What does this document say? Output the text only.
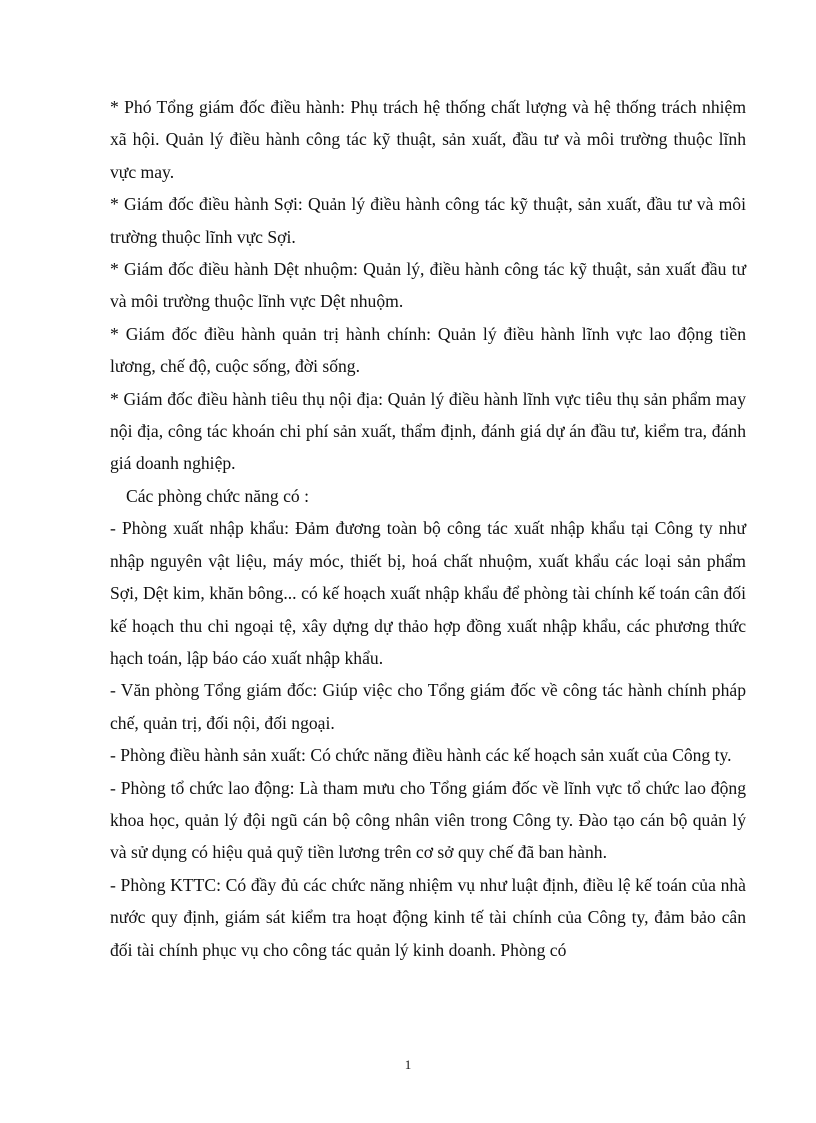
* Phó Tổng giám đốc điều hành: Phụ trách hệ thống chất lượng và hệ thống trách nhiệm xã hội. Quản lý điều hành công tác kỹ thuật, sản xuất, đầu tư và môi trường thuộc lĩnh vực may.

* Giám đốc điều hành Sợi: Quản lý điều hành công tác kỹ thuật, sản xuất, đầu tư và môi trường thuộc lĩnh vực Sợi.

* Giám đốc điều hành Dệt nhuộm: Quản lý, điều hành công tác kỹ thuật, sản xuất đầu tư và môi trường thuộc lĩnh vực Dệt nhuộm.

* Giám đốc điều hành quản trị hành chính: Quản lý điều hành lĩnh vực lao động tiền lương, chế độ, cuộc sống, đời sống.

* Giám đốc điều hành tiêu thụ nội địa: Quản lý điều hành lĩnh vực tiêu thụ sản phẩm may nội địa, công tác khoán chi phí sản xuất, thẩm định, đánh giá dự án đầu tư, kiểm tra, đánh giá doanh nghiệp.

Các phòng chức năng có :

- Phòng xuất nhập khẩu: Đảm đương toàn bộ công tác xuất nhập khẩu tại Công ty như nhập nguyên vật liệu, máy móc, thiết bị, hoá chất nhuộm, xuất khẩu các loại sản phẩm Sợi, Dệt kim, khăn bông... có kế hoạch xuất nhập khẩu để phòng tài chính kế toán cân đối kế hoạch thu chi ngoại tệ, xây dựng dự thảo hợp đồng xuất nhập khẩu, các phương thức hạch toán, lập báo cáo xuất nhập khẩu.

- Văn phòng Tổng giám đốc: Giúp việc cho Tổng giám đốc về công tác hành chính pháp chế, quản trị, đối nội, đối ngoại.

- Phòng điều hành sản xuất: Có chức năng điều hành các kế hoạch sản xuất của Công ty.

- Phòng tổ chức lao động: Là tham mưu cho Tổng giám đốc về lĩnh vực tổ chức lao động khoa học, quản lý đội ngũ cán bộ công nhân viên trong Công ty. Đào tạo cán bộ quản lý và sử dụng có hiệu quả quỹ tiền lương trên cơ sở quy chế đã ban hành.

- Phòng KTTC: Có đầy đủ các chức năng nhiệm vụ như luật định, điều lệ kế toán của nhà nước quy định, giám sát kiểm tra hoạt động kinh tế tài chính của Công ty, đảm bảo cân đối tài chính phục vụ cho công tác quản lý kinh doanh. Phòng có

1
